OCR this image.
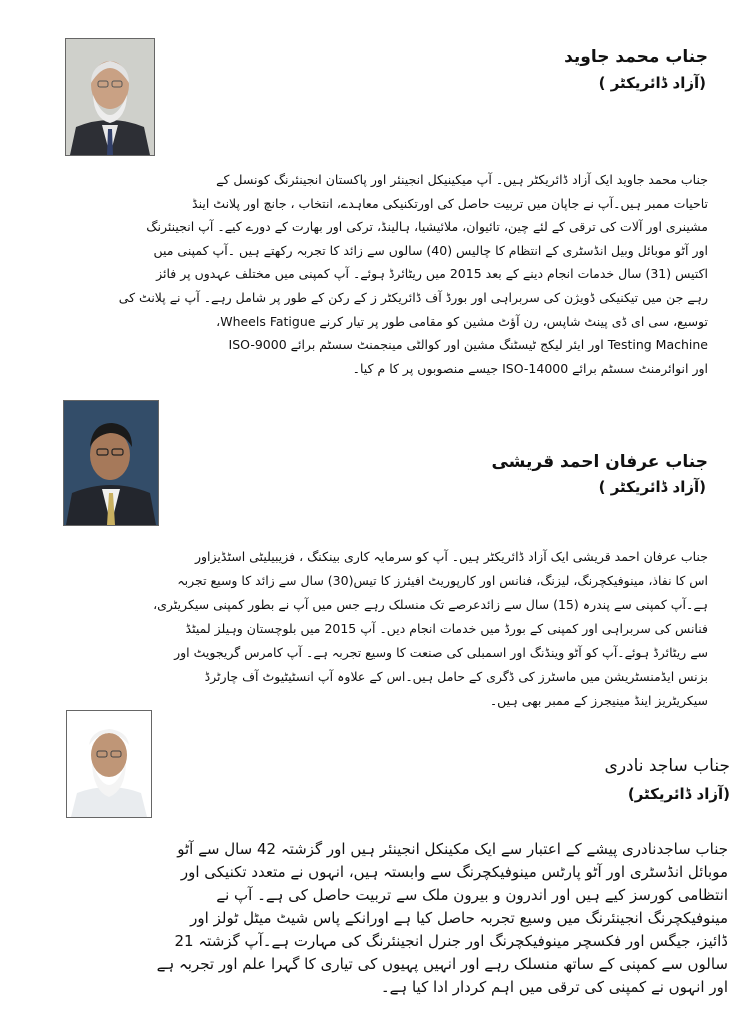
جناب محمد جاوید
(آزاد ڈائریکٹر )

جناب محمد جاوید ایک آزاد ڈائریکٹر ہیں۔ آپ میکینیکل انجینئر اور پاکستان انجینئرنگ کونسل کے

تاحیات ممبر ہیں۔آپ نے جاپان میں تربیت حاصل کی اورتکنیکی معاہدے، انتخاب ، جانچ اور پلانٹ اینڈ

مشینری اور آلات کی ترقی کے لئے چین، تائیوان، ملائیشیا، ہالینڈ، ترکی اور بھارت کے دورے کیے۔ آپ انجینئرنگ

اور آٹو موبائل وبیل انڈسٹری کے انتظام کا چالیس (40) سالوں سے زائد کا تجربہ رکھتے ہیں ۔آپ کمپنی میں

اکتیس (31) سال خدمات انجام دینے کے بعد 2015 میں ریٹائرڈ ہوئے۔ آپ کمپنی میں مختلف عہدوں پر فائز

رہے جن میں تیکنیکی ڈویژن کی سربراہی اور بورڈ آف ڈائریکٹر ز کے رکن کے طور پر شامل رہے۔ آپ نے پلانٹ کی

توسیع، سی ای ڈی پینٹ شاپس، رن آؤٹ مشین کو مقامی طور پر تیار کرنے Wheels Fatigue،

Testing Machine اور ایئر لیکج ٹیسٹنگ مشین اور کوالٹی مینجمنٹ سسٹم برائے ISO-9000

اور انوائرمنٹ سسٹم برائے ISO-14000 جیسے منصوبوں پر کا م کیا۔

جناب عرفان احمد قریشی
(آزاد ڈائریکٹر )

جناب عرفان احمد قریشی ایک آزاد ڈائریکٹر ہیں۔ آپ کو سرمایہ کاری بینکنگ ، فزیبیلیٹی اسٹڈیزاور

اس کا نفاذ، مینوفیکچرنگ، لیزنگ، فنانس اور کارپوریٹ افیئرز کا تیس(30) سال سے زائد کا وسیع تجربہ

ہے۔آپ کمپنی سے پندرہ (15) سال سے زائدعرصے تک منسلک رہے جس میں آپ نے بطور کمپنی سیکریٹری،

فنانس کی سربراہی اور کمپنی کے بورڈ میں خدمات انجام دیں۔ آپ 2015 میں بلوچستان وہیلز لمیٹڈ

سے ریٹائرڈ ہوئے۔آپ کو آٹو وینڈنگ اور اسمبلی کی صنعت کا وسیع تجربہ ہے۔ آپ کامرس گریجویٹ اور

بزنس ایڈمنسٹریشن میں ماسٹرز کی ڈگری کے حامل ہیں۔اس کے علاوہ آپ انسٹیٹیوٹ آف چارٹرڈ

سیکریٹریز اینڈ مینیجرز کے ممبر بھی ہیں۔

جناب ساجد نادری
(آزاد ڈائریکٹر)

جناب ساجدنادری پیشے کے اعتبار سے ایک مکینکل انجینئر ہیں اور گزشتہ 42 سال سے آٹو

موبائل انڈسٹری اور آٹو پارٹس مینوفیکچرنگ سے وابستہ ہیں، انہوں نے متعدد تکنیکی اور

انتظامی کورسز کیے ہیں اور اندرون و بیرون ملک سے تربیت حاصل کی ہے۔ آپ نے

مینوفیکچرنگ انجینئرنگ میں وسیع تجربہ حاصل کیا ہے اورانکے پاس شیٹ میٹل ٹولز اور

ڈائیز، جیگس اور فکسچر مینوفیکچرنگ اور جنرل انجینئرنگ کی مہارت ہے۔آپ گزشتہ 21

سالوں سے کمپنی کے ساتھ منسلک رہے اور انہیں پہیوں کی تیاری کا گہرا علم اور تجربہ ہے

اور انہوں نے کمپنی کی ترقی میں اہم کردار ادا کیا ہے۔
